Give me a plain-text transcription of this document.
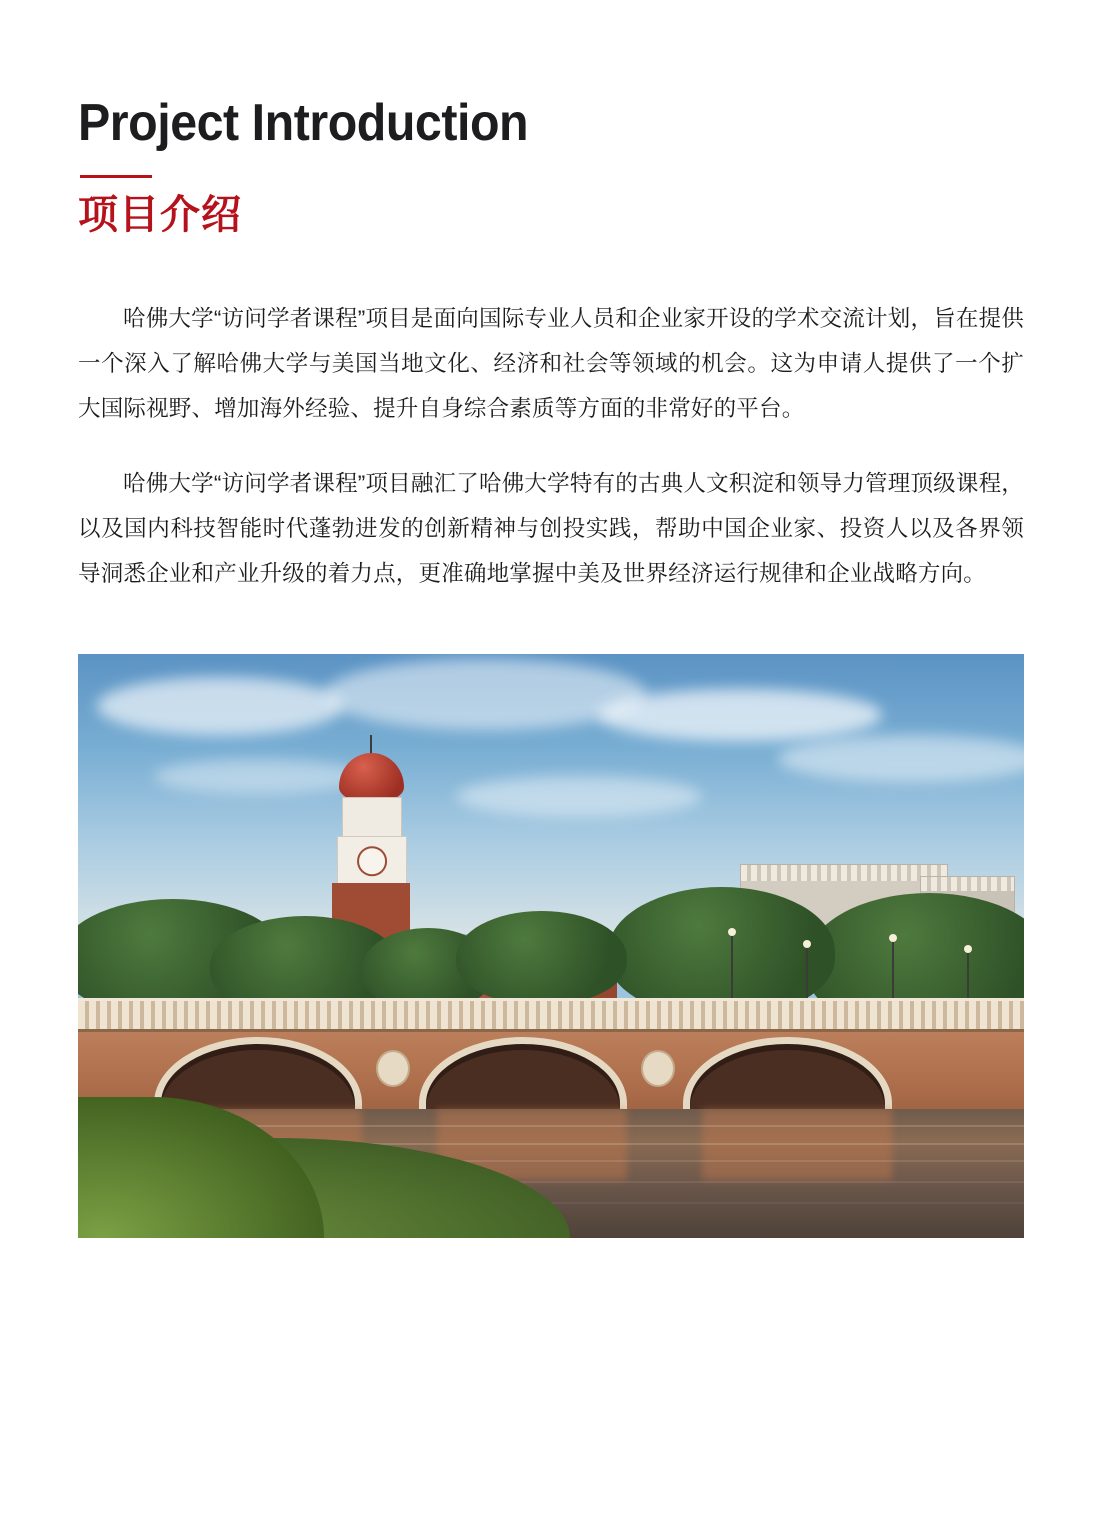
Project Introduction
项目介绍

哈佛大学“访问学者课程”项目是面向国际专业人员和企业家开设的学术交流计划，旨在提供一个深入了解哈佛大学与美国当地文化、经济和社会等领域的机会。这为申请人提供了一个扩大国际视野、增加海外经验、提升自身综合素质等方面的非常好的平台。

哈佛大学“访问学者课程”项目融汇了哈佛大学特有的古典人文积淀和领导力管理顶级课程，以及国内科技智能时代蓬勃进发的创新精神与创投实践，帮助中国企业家、投资人以及各界领导洞悉企业和产业升级的着力点，更准确地掌握中美及世界经济运行规律和企业战略方向。
